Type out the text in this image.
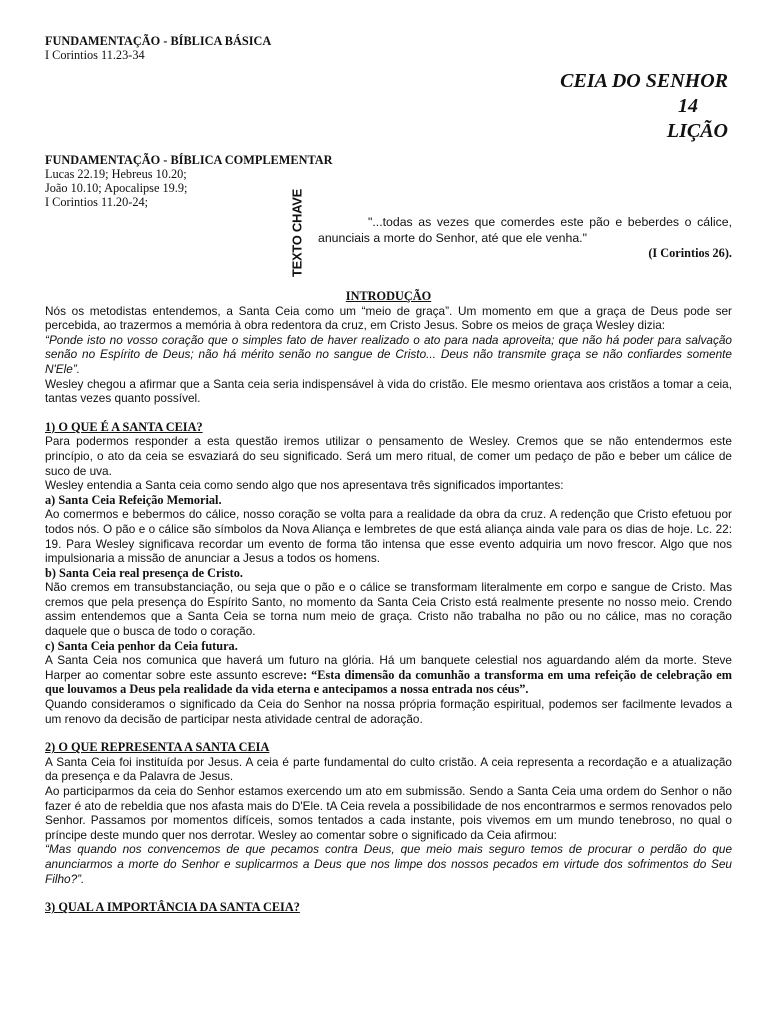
FUNDAMENTAÇÃO - BÍBLICA BÁSICA
I Corintios 11.23-34
CEIA DO SENHOR
14
LIÇÃO
FUNDAMENTAÇÃO - BÍBLICA COMPLEMENTAR
Lucas 22.19; Hebreus 10.20;
João 10.10; Apocalipse 19.9;
I Corintios 11.20-24;	TEXTO CHAVE	"...todas as vezes que comerdes este pão e beberdes o cálice, anunciais a morte do Senhor, até que ele venha."
(I Corintios 26).

INTRODUÇÃO

Nós os metodistas entendemos, a Santa Ceia como um “meio de graça”. Um momento em que a graça de Deus pode ser percebida, ao trazermos a memória à obra redentora da cruz, em Cristo Jesus. Sobre os meios de graça Wesley dizia:

“Ponde isto no vosso coração que o simples fato de haver realizado o ato para nada aproveita; que não há poder para salvação senão no Espírito de Deus; não há mérito senão no sangue de Cristo... Deus não transmite graça se não confiardes somente N'Ele”.

Wesley chegou a afirmar que a Santa ceia seria indispensável à vida do cristão. Ele mesmo orientava aos cristãos a tomar a ceia, tantas vezes quanto possível.

1) O QUE É A SANTA CEIA?

Para podermos responder a esta questão iremos utilizar o pensamento de Wesley. Cremos que se não entendermos este princípio, o ato da ceia se esvaziará do seu significado. Será um mero ritual, de comer um pedaço de pão e beber um cálice de suco de uva.

Wesley entendia a Santa ceia como sendo algo que nos apresentava três significados importantes:

a) Santa Ceia Refeição Memorial.

Ao comermos e bebermos do cálice, nosso coração se volta para a realidade da obra da cruz. A redenção que Cristo efetuou por todos nós. O pão e o cálice são símbolos da Nova Aliança e lembretes de que está aliança ainda vale para os dias de hoje. Lc. 22: 19. Para Wesley significava recordar um evento de forma tão intensa que esse evento adquiria um novo frescor. Algo que nos impulsionaria a missão de anunciar a Jesus a todos os homens.

b) Santa Ceia real presença de Cristo.

Não cremos em transubstanciação, ou seja que o pão e o cálice se transformam literalmente em corpo e sangue de Cristo. Mas cremos que pela presença do Espírito Santo, no momento da Santa Ceia Cristo está realmente presente no nosso meio. Crendo assim entendemos que a Santa Ceia se torna num meio de graça. Cristo não trabalha no pão ou no cálice, mas no coração daquele que o busca de todo o coração.

c) Santa Ceia penhor da Ceia futura.

A Santa Ceia nos comunica que haverá um futuro na glória. Há um banquete celestial nos aguardando além da morte. Steve Harper ao comentar sobre este assunto escreve: “Esta dimensão da comunhão a transforma em uma refeição de celebração em que louvamos a Deus pela realidade da vida eterna e antecipamos a nossa entrada nos céus”.

Quando consideramos o significado da Ceia do Senhor na nossa própria formação espiritual, podemos ser facilmente levados a um renovo da decisão de participar nesta atividade central de adoração.

2) O QUE REPRESENTA A SANTA CEIA

A Santa Ceia foi instituída por Jesus. A ceia é parte fundamental do culto cristão. A ceia representa a recordação e a atualização da presença e da Palavra de Jesus.

Ao participarmos da ceia do Senhor estamos exercendo um ato em submissão. Sendo a Santa Ceia uma ordem do Senhor o não fazer é ato de rebeldia que nos afasta mais do D'Ele. tA Ceia revela a possibilidade de nos encontrarmos e sermos renovados pelo Senhor. Passamos por momentos difíceis, somos tentados a cada instante, pois vivemos em um mundo tenebroso, no qual o príncipe deste mundo quer nos derrotar. Wesley ao comentar sobre o significado da Ceia afirmou:

“Mas quando nos convencemos de que pecamos contra Deus, que meio mais seguro temos de procurar o perdão do que anunciarmos a morte do Senhor e suplicarmos a Deus que nos limpe dos nossos pecados em virtude dos sofrimentos do Seu Filho?”.

3) QUAL A IMPORTÂNCIA DA SANTA CEIA?
